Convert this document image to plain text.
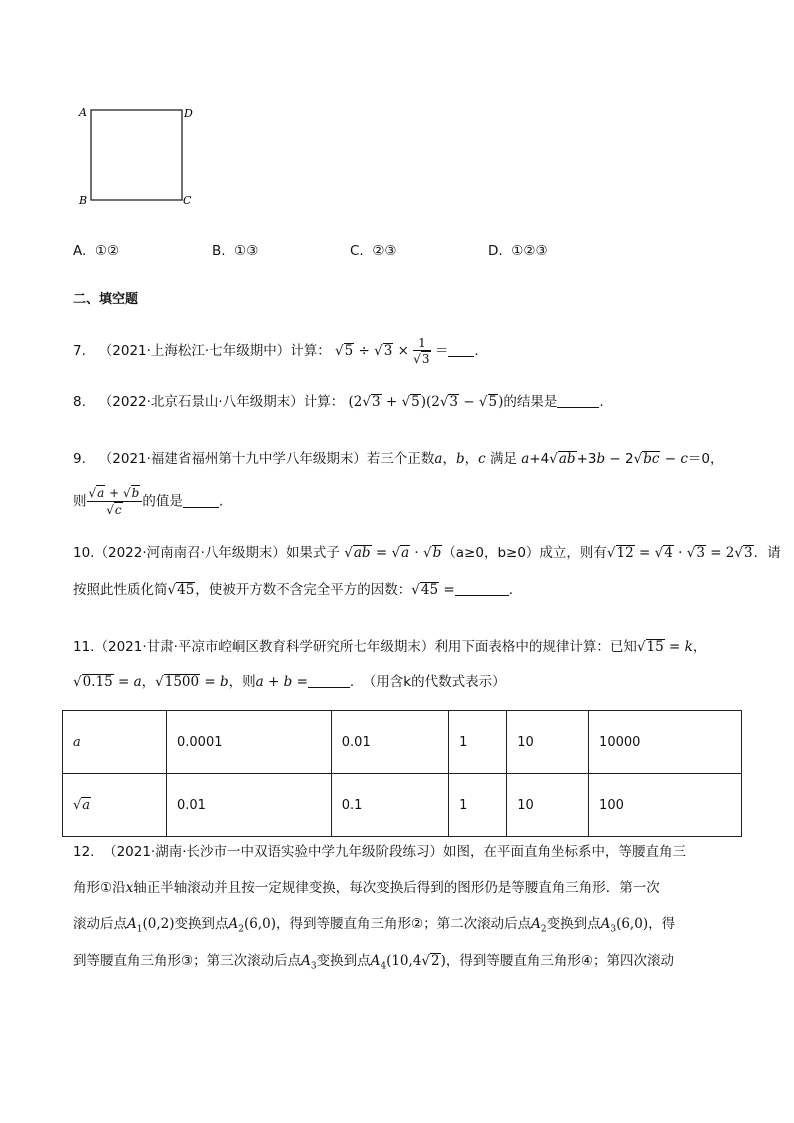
A	D
B	C
A. ①②	B. ①③	C. ②③	D. ①②③
二、填空题
7. （2021·上海松江·七年级期中）计算： $√5 \div √3 \times \frac{1}{√3}$ ＝ .
8. （2022·北京石景山·八年级期末）计算： (2√3 + √5)(2√3 − √5)的结果是	.
9. （2021·福建省福州第十九中学八年级期末）若三个正数a，b，c 满足 a+4√ab+3b − 2√bc − c＝0，
则 $\frac{√a + √b}{√c}$ 的值是	.
10.（2022·河南南召·八年级期末）如果式子 √ab = √a · √b（a≥0，b≥0）成立，则有√12 = √4 · √3 = 2√3．请
按照此性质化简√45，使被开方数不含完全平方的因数：√45 =	.
11.（2021·甘肃·平凉市崆峒区教育科学研究所七年级期末）利用下面表格中的规律计算：已知√15 = k，
√0.15 = a，√1500 = b，则a + b =	. （用含k的代数式表示）
a	0.0001	0.01	1	10	10000
√a	0.01	0.1	1	10	100
12. （2021·湖南·长沙市一中双语实验中学九年级阶段练习）如图，在平面直角坐标系中，等腰直角三
角形①沿x轴正半轴滚动并且按一定规律变换，每次变换后得到的图形仍是等腰直角三角形．第一次
滚动后点$A_1(0,2)$变换到点$A_2(6,0)$，得到等腰直角三角形②；第二次滚动后点$A_2$变换到点$A_3(6,0)$，得
到等腰直角三角形③；第三次滚动后点$A_3$变换到点$A_4(10,4√2)$，得到等腰直角三角形④；第四次滚动
